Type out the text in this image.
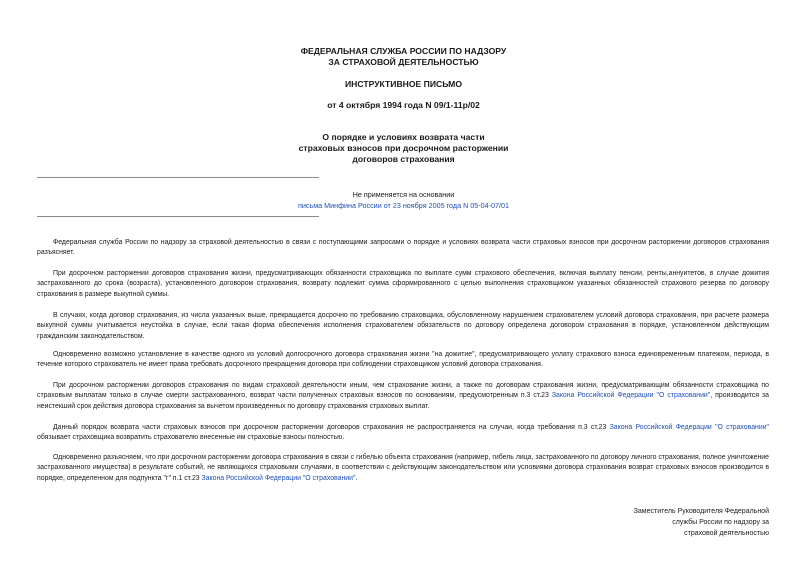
ФЕДЕРАЛЬНАЯ СЛУЖБА РОССИИ ПО НАДЗОРУ
ЗА СТРАХОВОЙ ДЕЯТЕЛЬНОСТЬЮ
ИНСТРУКТИВНОЕ ПИСЬМО
от 4 октября 1994 года N 09/1-11р/02
О порядке и условиях возврата части
страховых взносов при досрочном расторжении
договоров страхования
Не применяется на основании
письма Минфина России от 23 ноября 2005 года N 05-04-07/01
Федеральная служба России по надзору за страховой деятельностью в связи с поступающими запросами о порядке и условиях возврата части страховых взносов при досрочном расторжении договоров страхования разъясняет.
При досрочном расторжении договоров страхования жизни, предусматривающих обязанности страховщика по выплате сумм страхового обеспечения, включая выплату пенсии, ренты,аннуитетов, в случае дожития застрахованного до срока (возраста), установленного договором страхования, возврату подлежит сумма сформированного с целью выполнения страховщиком указанных обязанностей страхового резерва по договору страхования в размере выкупной суммы.
В случаях, когда договор страхования, из числа указанных выше, прекращается досрочно по требованию страховщика, обусловленному нарушением страхователем условий договора страхования, при расчете размера выкупной суммы учитывается неустойка в случае, если такая форма обеспечения исполнения страхователем обязательств по договору определена договором страхования в порядке, установленном действующим гражданским законодательством.
Одновременно возможно установление в качестве одного из условий долгосрочного договора страхования жизни "на дожитие", предусматривающего уплату страхового взноса единовременным платежом, периода, в течение которого страхователь не имеет права требовать досрочного прекращения договора при соблюдении страховщиком условий договора страхования.
При досрочном расторжении договоров страхования по видам страховой деятельности иным, чем страхование жизни, а также по договорам страхования жизни, предусматривающим обязанности страховщика по страховым выплатам только в случае смерти застрахованного, возврат части полученных страховых взносов по основаниям, предусмотренным п.3 ст.23 Закона Российской Федерации "О страховании", производится за неистекший срок действия договора страхования за вычетом произведенных по договору страхования страховых выплат.
Данный порядок возврата части страховых взносов при досрочном расторжении договоров страхования не распространяется на случаи, когда требования п.3 ст.23 Закона Российской Федерации "О страховании" обязывает страховщика возвратить страхователю внесенные им страховые взносы полностью.
Одновременно разъясняем, что при досрочном расторжении договора страхования в связи с гибелью объекта страхования (например, гибель лица, застрахованного по договору личного страхования, полное уничтожение застрахованного имущества) в результате событий, не являющихся страховыми случаями, в соответствии с действующим законодательством или условиями договора страхования возврат страховых взносов производится в порядке, определенном для подпункта "г" п.1 ст.23 Закона Российской Федерации "О страховании".
Заместитель Руководителя Федеральной
службы России по надзору за
страховой деятельностью
